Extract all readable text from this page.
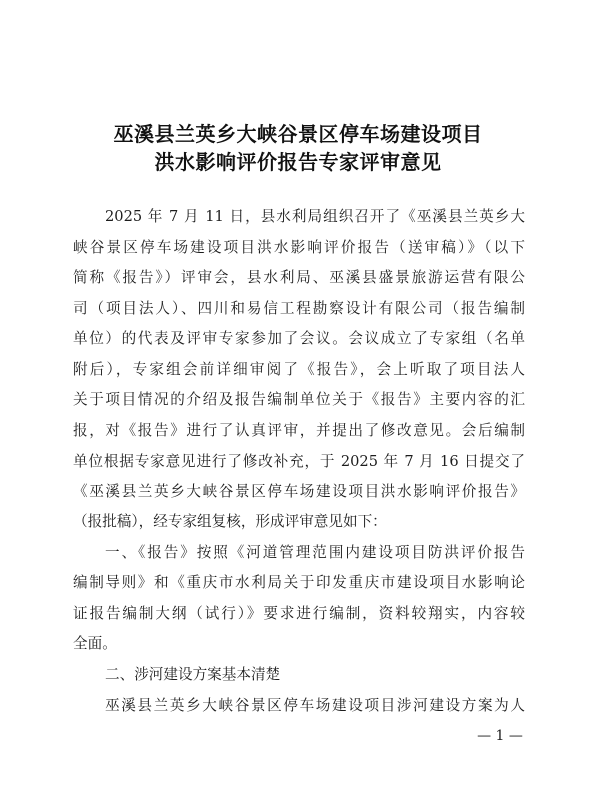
巫溪县兰英乡大峡谷景区停车场建设项目
洪水影响评价报告专家评审意见
2025 年 7 月 11 日，县水利局组织召开了《巫溪县兰英乡大
峡谷景区停车场建设项目洪水影响评价报告（送审稿）》（以下
简称《报告》）评审会，县水利局、巫溪县盛景旅游运营有限公
司（项目法人）、四川和易信工程勘察设计有限公司（报告编制
单位）的代表及评审专家参加了会议。会议成立了专家组（名单
附后），专家组会前详细审阅了《报告》，会上听取了项目法人
关于项目情况的介绍及报告编制单位关于《报告》主要内容的汇
报，对《报告》进行了认真评审，并提出了修改意见。会后编制
单位根据专家意见进行了修改补充，于 2025 年 7 月 16 日提交了
《巫溪县兰英乡大峡谷景区停车场建设项目洪水影响评价报告》
（报批稿），经专家组复核，形成评审意见如下：
一、《报告》按照《河道管理范围内建设项目防洪评价报告
编制导则》和《重庆市水利局关于印发重庆市建设项目水影响论
证报告编制大纲（试行）》要求进行编制，资料较翔实，内容较
全面。
二、涉河建设方案基本清楚
巫溪县兰英乡大峡谷景区停车场建设项目涉河建设方案为人
— 1 —
